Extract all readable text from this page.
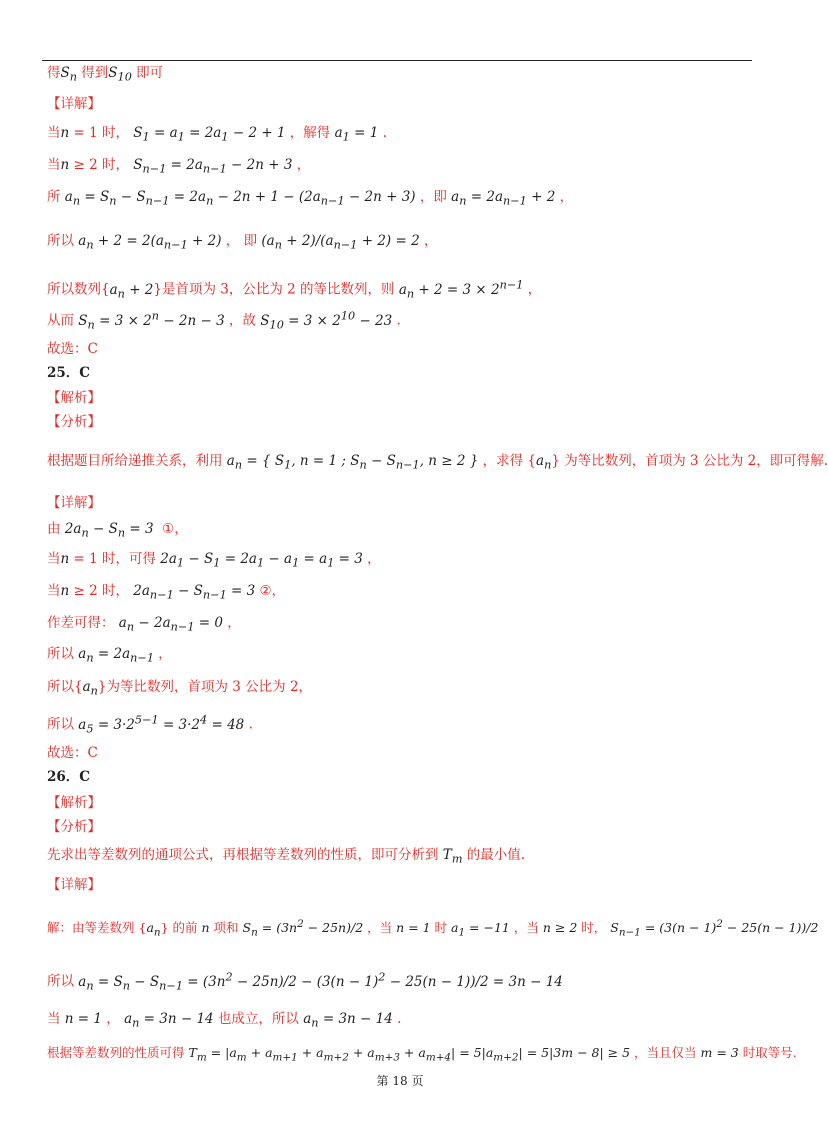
得$S_n$ 得到$S_{10}$ 即可
【详解】
当n = 1 时， $S_1 = a_1 = 2a_1 - 2 + 1$ ，解得 $a_1 = 1$ .
当n ≥ 2 时， $S_{n-1} = 2a_{n-1} - 2n + 3$ ，
所 $a_n = S_n - S_{n-1} = 2a_n - 2n + 1 - (2a_{n-1} - 2n + 3)$ ，即 $a_n = 2a_{n-1} + 2$ ，
所以 $a_n + 2 = 2(a_{n-1} + 2)$ ， 即 $(a_n + 2)/(a_{n-1} + 2) = 2$ ，
所以数列$\{a_n + 2\}$是首项为 3，公比为 2 的等比数列，则 $a_n + 2 = 3 \times 2^{n-1}$ ，
从而 $S_n = 3 \times 2^n - 2n - 3$ ，故 $S_{10} = 3 \times 2^{10} - 23$ .
故选：C
25．C
【解析】
【分析】
根据题目所给递推关系，利用 $a_n$ = { $S_1$, n = 1 ; $S_n - S_{n-1}$, n ≥ 2 } ，求得 $\{a_n\}$ 为等比数列，首项为 3 公比为 2，即可得解.
【详解】
由 $2a_n - S_n = 3$  ①，
当n = 1 时，可得 $2a_1 - S_1 = 2a_1 - a_1 = a_1 = 3$ ，
当n ≥ 2 时， $2a_{n-1} - S_{n-1} = 3$ ②，
作差可得： $a_n - 2a_{n-1} = 0$ ，
所以 $a_n = 2a_{n-1}$ ，
所以$\{a_n\}$为等比数列，首项为 3 公比为 2，
所以 $a_5 = 3\cdot 2^{5-1} = 3\cdot 2^4 = 48$ .
故选：C
26．C
【解析】
【分析】
先求出等差数列的通项公式，再根据等差数列的性质，即可分析到 $T_m$ 的最小值.
【详解】
解：由等差数列 $\{a_n\}$ 的前 n 项和 $S_n = (3n^2 - 25n)/2$ ，当 n = 1 时 $a_1 = -11$ ，当 n ≥ 2 时， $S_{n-1} = (3(n - 1)^2 - 25(n - 1))/2$
所以 $a_n = S_n - S_{n-1} = (3n^2 - 25n)/2 - (3(n - 1)^2 - 25(n - 1))/2 = 3n - 14$
当 n = 1 ， $a_n = 3n - 14$ 也成立，所以 $a_n = 3n - 14$ .
根据等差数列的性质可得 $T_m = |a_m + a_{m+1} + a_{m+2} + a_{m+3} + a_{m+4}| = 5|a_{m+2}| = 5|3m - 8| \ge 5$ ，当且仅当 m = 3 时取等号.
第 18 页
